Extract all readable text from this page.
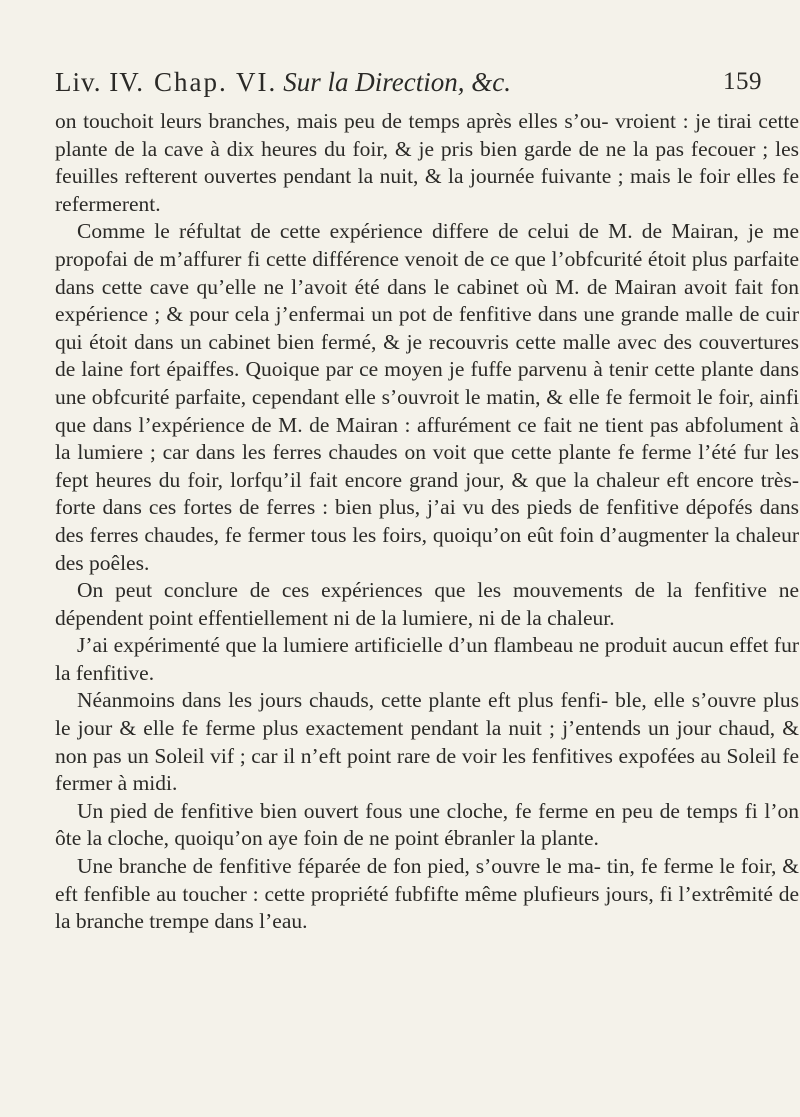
Liv. IV. Chap. VI. Sur la Direction, &c.	159

on touchoit leurs branches, mais peu de temps après elles s’ou- vroient : je tirai cette plante de la cave à dix heures du foir, & je pris bien garde de ne la pas fecouer ; les feuilles refterent ouvertes pendant la nuit, & la journée fuivante ; mais le foir elles fe refermerent.

Comme le réfultat de cette expérience differe de celui de M. de Mairan, je me propofai de m’affurer fi cette différence venoit de ce que l’obfcurité étoit plus parfaite dans cette cave qu’elle ne l’avoit été dans le cabinet où M. de Mairan avoit fait fon expérience ; & pour cela j’enfermai un pot de fenfitive dans une grande malle de cuir qui étoit dans un cabinet bien fermé, & je recouvris cette malle avec des couvertures de laine fort épaiffes. Quoique par ce moyen je fuffe parvenu à tenir cette plante dans une obfcurité parfaite, cependant elle s’ouvroit le matin, & elle fe fermoit le foir, ainfi que dans l’expérience de M. de Mairan : affurément ce fait ne tient pas abfolument à la lumiere ; car dans les ferres chaudes on voit que cette plante fe ferme l’été fur les fept heures du foir, lorfqu’il fait encore grand jour, & que la chaleur eft encore très-forte dans ces fortes de ferres : bien plus, j’ai vu des pieds de fenfitive dépofés dans des ferres chaudes, fe fermer tous les foirs, quoiqu’on eût foin d’augmenter la chaleur des poêles.

On peut conclure de ces expériences que les mouvements de la fenfitive ne dépendent point effentiellement ni de la lumiere, ni de la chaleur.

J’ai expérimenté que la lumiere artificielle d’un flambeau ne produit aucun effet fur la fenfitive.

Néanmoins dans les jours chauds, cette plante eft plus fenfi- ble, elle s’ouvre plus le jour & elle fe ferme plus exactement pendant la nuit ; j’entends un jour chaud, & non pas un Soleil vif ; car il n’eft point rare de voir les fenfitives expofées au Soleil fe fermer à midi.

Un pied de fenfitive bien ouvert fous une cloche, fe ferme en peu de temps fi l’on ôte la cloche, quoiqu’on aye foin de ne point ébranler la plante.

Une branche de fenfitive féparée de fon pied, s’ouvre le ma- tin, fe ferme le foir, & eft fenfible au toucher : cette propriété fubfifte même plufieurs jours, fi l’extrêmité de la branche trempe dans l’eau.
